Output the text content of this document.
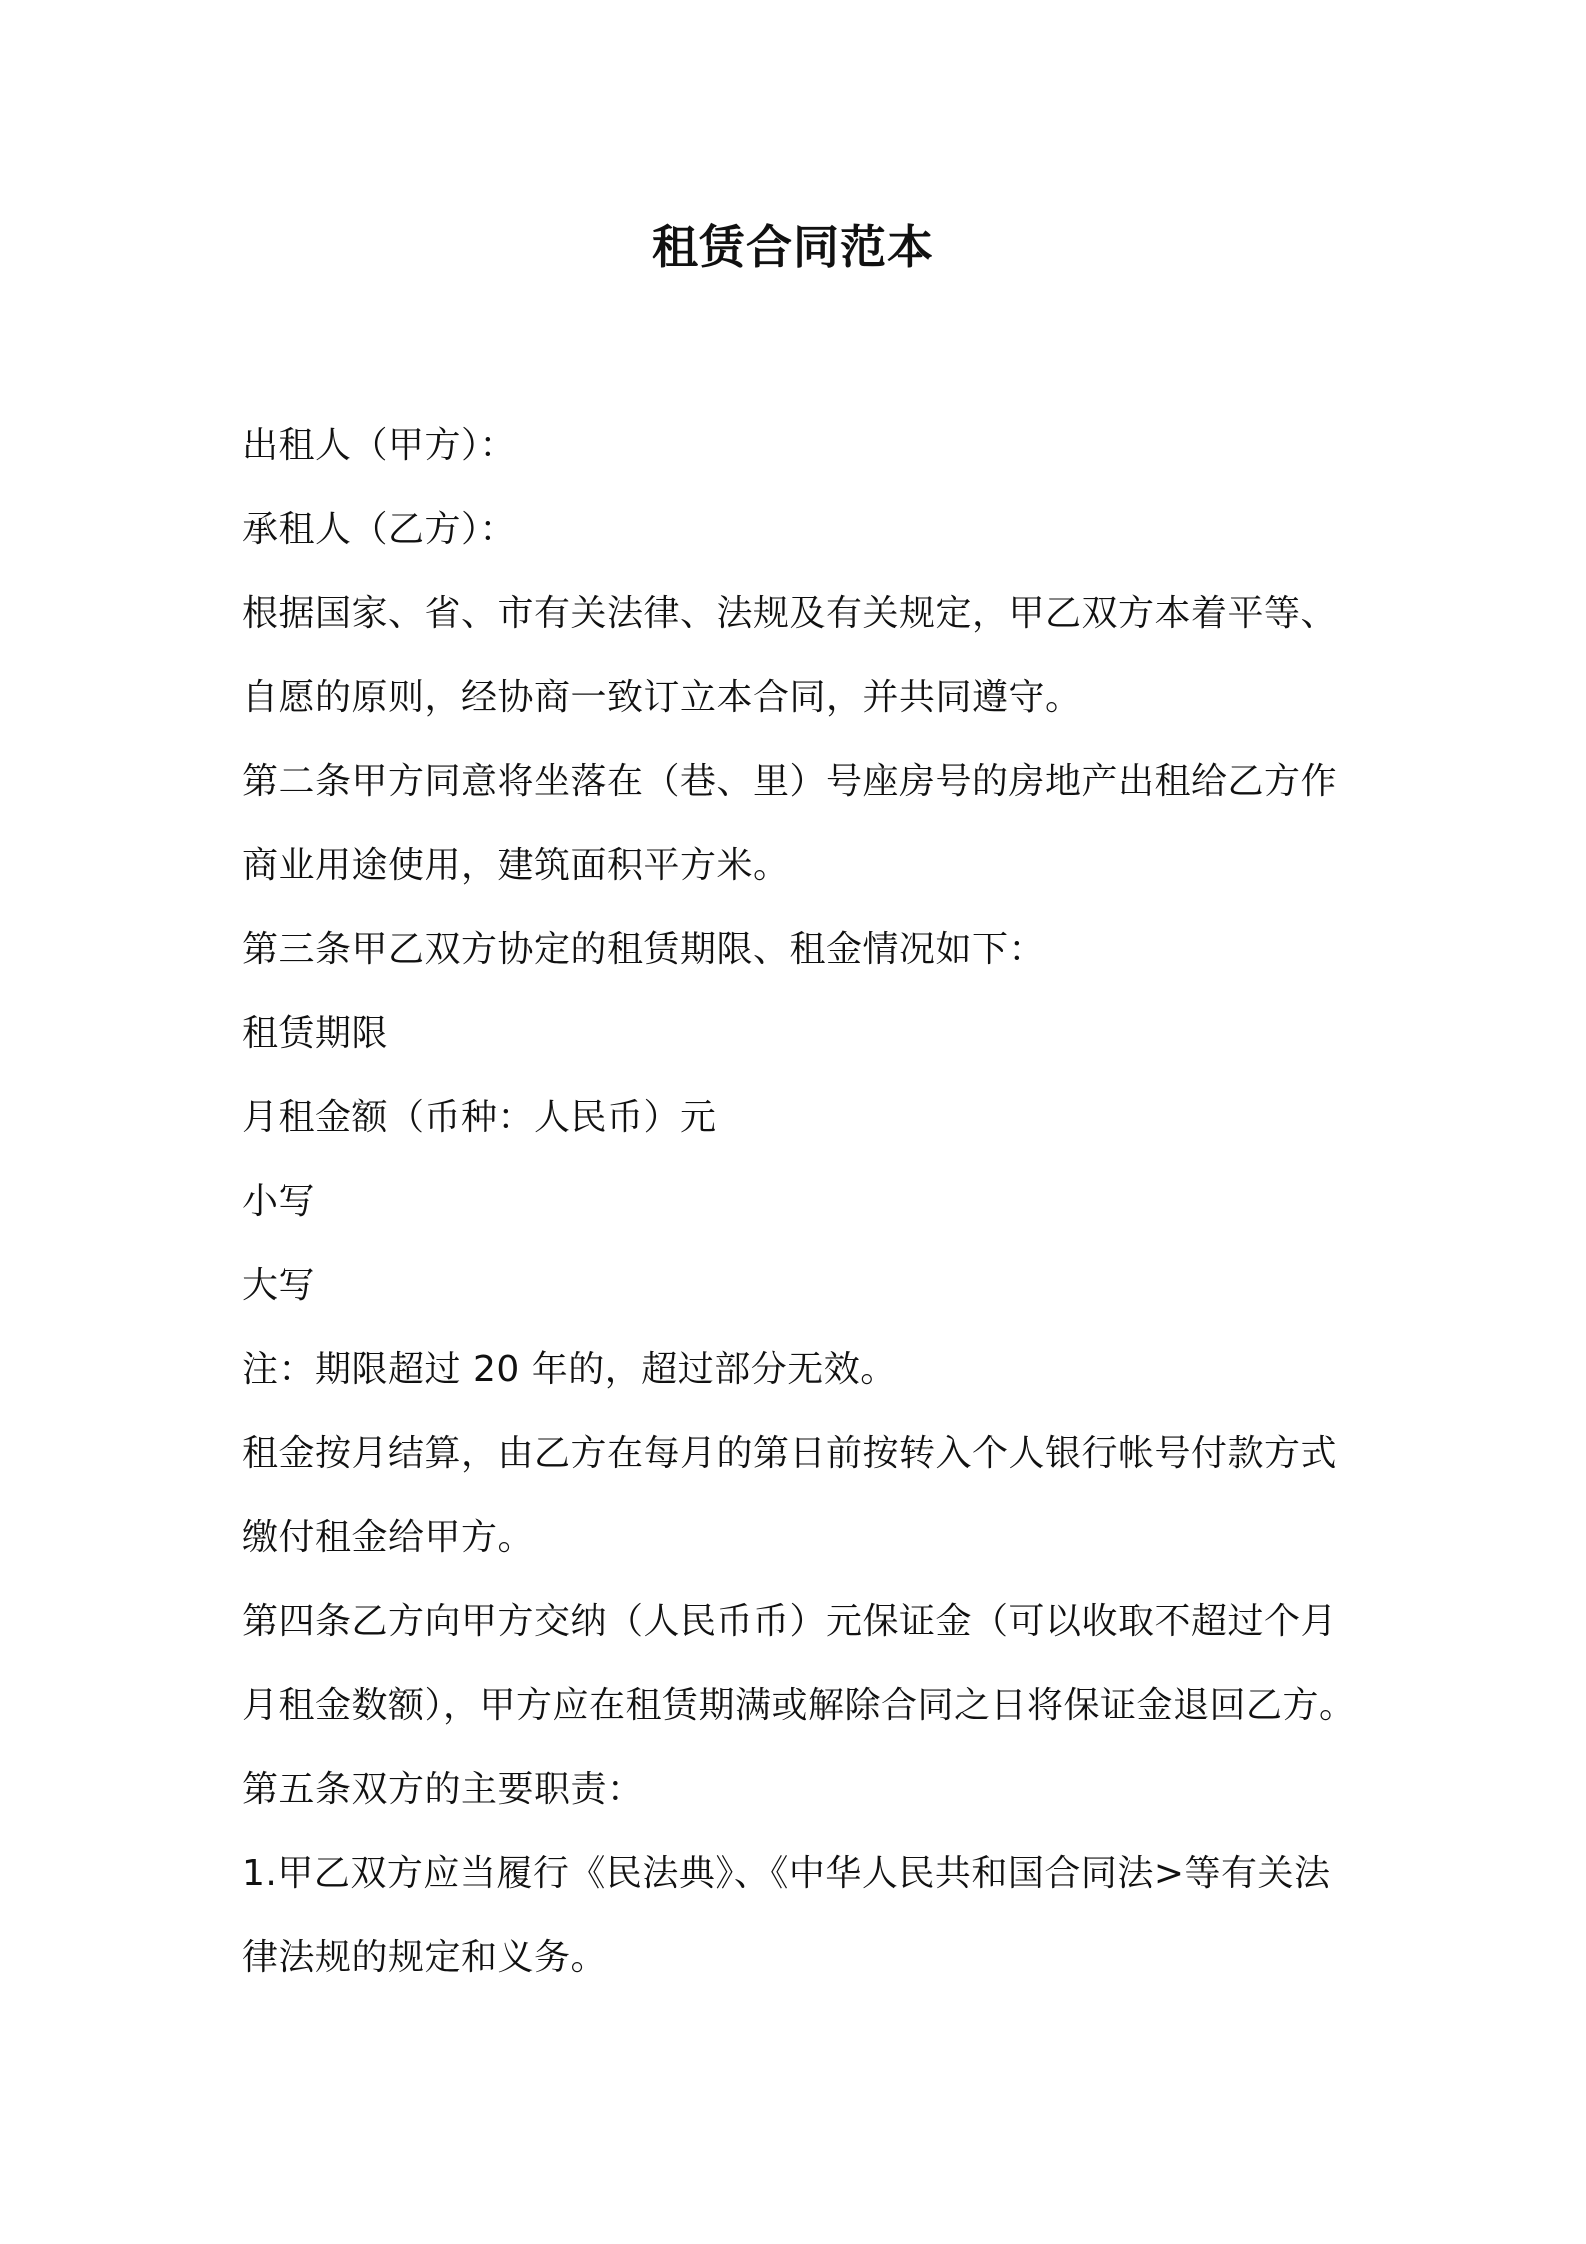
租赁合同范本
出租人（甲方）：
承租人（乙方）：
根据国家、省、市有关法律、法规及有关规定，甲乙双方本着平等、
自愿的原则，经协商一致订立本合同，并共同遵守。
第二条甲方同意将坐落在（巷、里）号座房号的房地产出租给乙方作
商业用途使用，建筑面积平方米。
第三条甲乙双方协定的租赁期限、租金情况如下：
租赁期限
月租金额（币种：人民币）元
小写
大写
注：期限超过 20 年的，超过部分无效。
租金按月结算，由乙方在每月的第日前按转入个人银行帐号付款方式
缴付租金给甲方。
第四条乙方向甲方交纳（人民币币）元保证金（可以收取不超过个月
月租金数额），甲方应在租赁期满或解除合同之日将保证金退回乙方。
第五条双方的主要职责：
1.甲乙双方应当履行《民法典》、《中华人民共和国合同法>等有关法
律法规的规定和义务。
